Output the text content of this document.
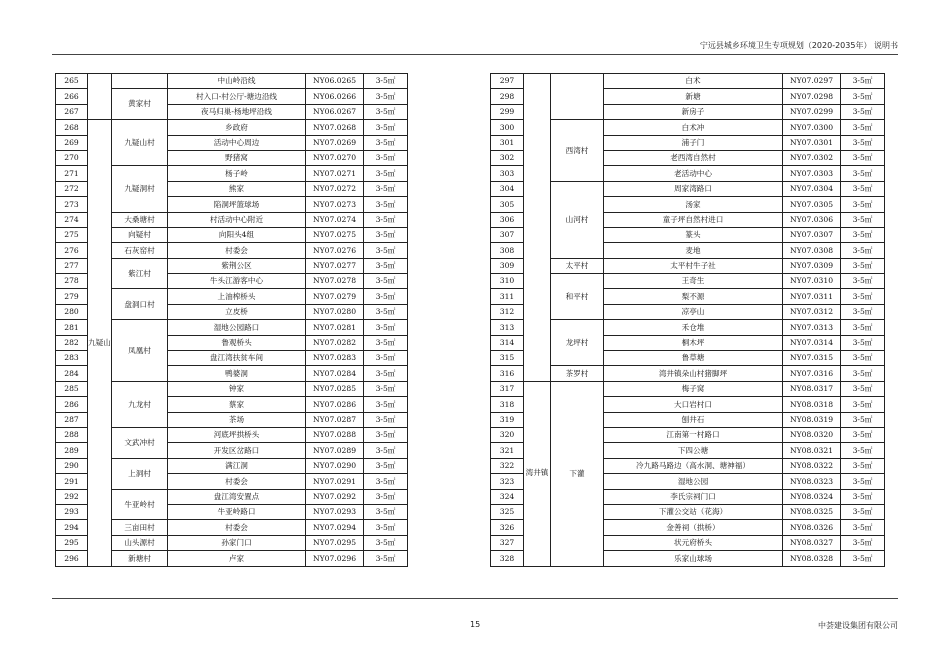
宁远县城乡环境卫生专项规划（2020-2035年） 说明书
265			中山岭沿线	NY06.0265	3-5㎡
266		黄家村	村入口-村公厅-塘边沿线	NY06.0266	3-5㎡
267			夜马归巢-杨地坪沿线	NY06.0267	3-5㎡
268	九疑山	九疑山村	乡政府	NY07.0268	3-5㎡
269			活动中心周边	NY07.0269	3-5㎡
270			野猪窝	NY07.0270	3-5㎡
271		九疑洞村	杨子岭	NY07.0271	3-5㎡
272			熊家	NY07.0272	3-5㎡
273			陷洞坪篮球场	NY07.0273	3-5㎡
274		大桑塘村	村活动中心附近	NY07.0274	3-5㎡
275		向疑村	向阳头4组	NY07.0275	3-5㎡
276		石灰窑村	村委会	NY07.0276	3-5㎡
277		紫江村	紫荆公区	NY07.0277	3-5㎡
278			牛头江游客中心	NY07.0278	3-5㎡
279		盘洞口村	上油榨桥头	NY07.0279	3-5㎡
280			立皮桥	NY07.0280	3-5㎡
281		凤凰村	湿地公园路口	NY07.0281	3-5㎡
282			鲁观桥头	NY07.0282	3-5㎡
283			盘江湾扶贫车间	NY07.0283	3-5㎡
284			鸭婆洞	NY07.0284	3-5㎡
285		九龙村	钟家	NY07.0285	3-5㎡
286			蔡家	NY07.0286	3-5㎡
287			茶场	NY07.0287	3-5㎡
288		文武冲村	河底坪拱桥头	NY07.0288	3-5㎡
289			开发区岔路口	NY07.0289	3-5㎡
290		上洞村	满江洞	NY07.0290	3-5㎡
291			村委会	NY07.0291	3-5㎡
292		牛亚岭村	盘江湾安置点	NY07.0292	3-5㎡
293			牛亚岭路口	NY07.0293	3-5㎡
294		三亩田村	村委会	NY07.0294	3-5㎡
295		山头源村	孙家门口	NY07.0295	3-5㎡
296		新塘村	卢家	NY07.0296	3-5㎡
297			白术	NY07.0297	3-5㎡
298			新塘	NY07.0298	3-5㎡
299			新房子	NY07.0299	3-5㎡
300		西湾村	白术冲	NY07.0300	3-5㎡
301			浦子门	NY07.0301	3-5㎡
302			老西湾自然村	NY07.0302	3-5㎡
303			老活动中心	NY07.0303	3-5㎡
304		山河村	周家湾路口	NY07.0304	3-5㎡
305			汤家	NY07.0305	3-5㎡
306			童子坪自然村进口	NY07.0306	3-5㎡
307			篆头	NY07.0307	3-5㎡
308			麦地	NY07.0308	3-5㎡
309		太平村	太平村牛子社	NY07.0309	3-5㎡
310		和平村	王奇生	NY07.0310	3-5㎡
311			梨不源	NY07.0311	3-5㎡
312			凉亭山	NY07.0312	3-5㎡
313		龙坪村	禾仓堆	NY07.0313	3-5㎡
314			桐木坪	NY07.0314	3-5㎡
315			鲁草塘	NY07.0315	3-5㎡
316		茶罗村	湾井镇朵山村猪脚坪	NY07.0316	3-5㎡
317	湾井镇	下灌	梅子窝	NY08.0317	3-5㎡
318			大口岩村口	NY08.0318	3-5㎡
319			刨井石	NY08.0319	3-5㎡
320			江南第一村路口	NY08.0320	3-5㎡
321			下四公塘	NY08.0321	3-5㎡
322			冷九路马路边（高水洞、塘神福）	NY08.0322	3-5㎡
323			湿地公园	NY08.0323	3-5㎡
324			李氏宗祠门口	NY08.0324	3-5㎡
325			下灌公交站（花海）	NY08.0325	3-5㎡
326			金善祠（拱桥）	NY08.0326	3-5㎡
327			状元府桥头	NY08.0327	3-5㎡
328			乐家山球场	NY08.0328	3-5㎡
15	中荟建设集团有限公司
